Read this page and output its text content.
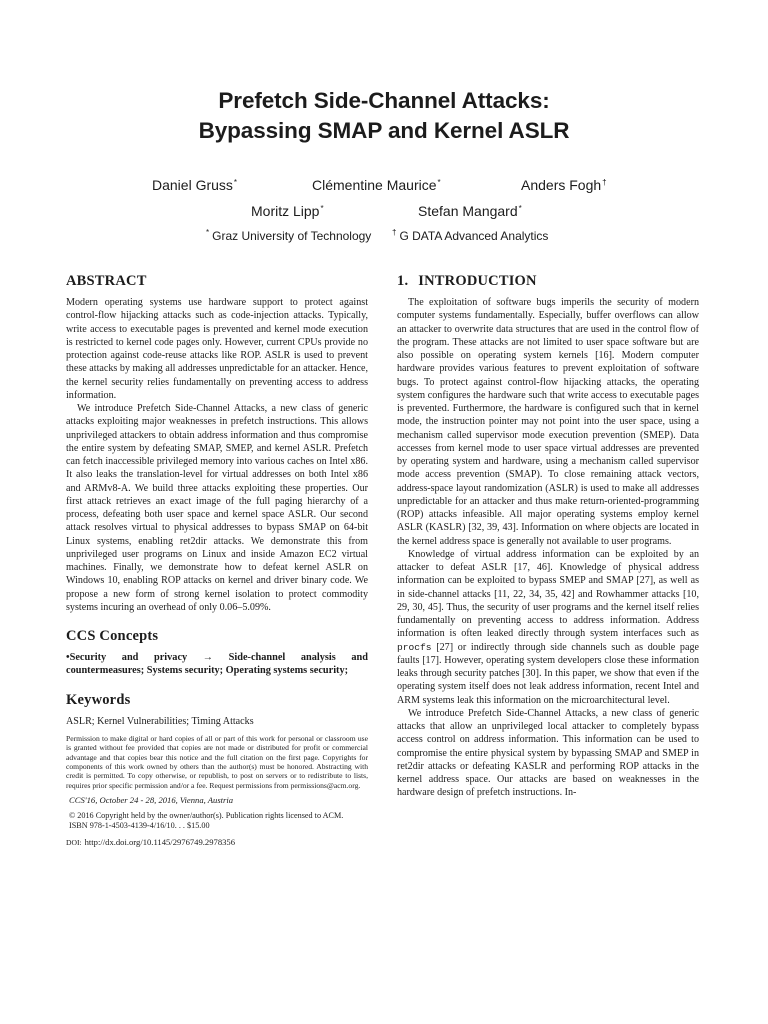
Prefetch Side-Channel Attacks:
Bypassing SMAP and Kernel ASLR
Daniel Gruss*	Clémentine Maurice*	Anders Fogh†
Moritz Lipp*	Stefan Mangard*
* Graz University of Technology	† G DATA Advanced Analytics
ABSTRACT

Modern operating systems use hardware support to protect against control-flow hijacking attacks such as code-injection attacks. Typically, write access to executable pages is prevented and kernel mode execution is restricted to kernel code pages only. However, current CPUs provide no protection against code-reuse attacks like ROP. ASLR is used to prevent these attacks by making all addresses unpredictable for an attacker. Hence, the kernel security relies fundamentally on preventing access to address information.

We introduce Prefetch Side-Channel Attacks, a new class of generic attacks exploiting major weaknesses in prefetch instructions. This allows unprivileged attackers to obtain address information and thus compromise the entire system by defeating SMAP, SMEP, and kernel ASLR. Prefetch can fetch inaccessible privileged memory into various caches on Intel x86. It also leaks the translation-level for virtual addresses on both Intel x86 and ARMv8-A. We build three attacks exploiting these properties. Our first attack retrieves an exact image of the full paging hierarchy of a process, defeating both user space and kernel space ASLR. Our second attack resolves virtual to physical addresses to bypass SMAP on 64-bit Linux systems, enabling ret2dir attacks. We demonstrate this from unprivileged user programs on Linux and inside Amazon EC2 virtual machines. Finally, we demonstrate how to defeat kernel ASLR on Windows 10, enabling ROP attacks on kernel and driver binary code. We propose a new form of strong kernel isolation to protect commodity systems incuring an overhead of only 0.06–5.09%.

CCS Concepts

•Security and privacy → Side-channel analysis and countermeasures; Systems security; Operating systems security;

Keywords

ASLR; Kernel Vulnerabilities; Timing Attacks

Permission to make digital or hard copies of all or part of this work for personal or classroom use is granted without fee provided that copies are not made or distributed for profit or commercial advantage and that copies bear this notice and the full citation on the first page. Copyrights for components of this work owned by others than the author(s) must be honored. Abstracting with credit is permitted. To copy otherwise, or republish, to post on servers or to redistribute to lists, requires prior specific permission and/or a fee. Request permissions from permissions@acm.org.

CCS'16, October 24 - 28, 2016, Vienna, Austria

© 2016 Copyright held by the owner/author(s). Publication rights licensed to ACM.
ISBN 978-1-4503-4139-4/16/10. . . $15.00

DOI: http://dx.doi.org/10.1145/2976749.2978356

1. INTRODUCTION

The exploitation of software bugs imperils the security of modern computer systems fundamentally. Especially, buffer overflows can allow an attacker to overwrite data structures that are used in the control flow of the program. These attacks are not limited to user space software but are also possible on operating system kernels [16]. Modern computer hardware provides various features to prevent exploitation of software bugs. To protect against control-flow hijacking attacks, the operating system configures the hardware such that write access to executable pages is prevented. Furthermore, the hardware is configured such that in kernel mode, the instruction pointer may not point into the user space, using a mechanism called supervisor mode execution prevention (SMEP). Data accesses from kernel mode to user space virtual addresses are prevented by operating system and hardware, using a mechanism called supervisor mode access prevention (SMAP). To close remaining attack vectors, address-space layout randomization (ASLR) is used to make all addresses unpredictable for an attacker and thus make return-oriented-programming (ROP) attacks infeasible. All major operating systems employ kernel ASLR (KASLR) [32, 39, 43]. Information on where objects are located in the kernel address space is generally not available to user programs.

Knowledge of virtual address information can be exploited by an attacker to defeat ASLR [17, 46]. Knowledge of physical address information can be exploited to bypass SMEP and SMAP [27], as well as in side-channel attacks [11, 22, 34, 35, 42] and Rowhammer attacks [10, 29, 30, 45]. Thus, the security of user programs and the kernel itself relies fundamentally on preventing access to address information. Address information is often leaked directly through system interfaces such as procfs [27] or indirectly through side channels such as double page faults [17]. However, operating system developers close these information leaks through security patches [30]. In this paper, we show that even if the operating system itself does not leak address information, recent Intel and ARM systems leak this information on the microarchitectural level.

We introduce Prefetch Side-Channel Attacks, a new class of generic attacks that allow an unprivileged local attacker to completely bypass access control on address information. This information can be used to compromise the entire physical system by bypassing SMAP and SMEP in ret2dir attacks or defeating KASLR and performing ROP attacks in the kernel address space. Our attacks are based on weaknesses in the hardware design of prefetch instructions. In-
